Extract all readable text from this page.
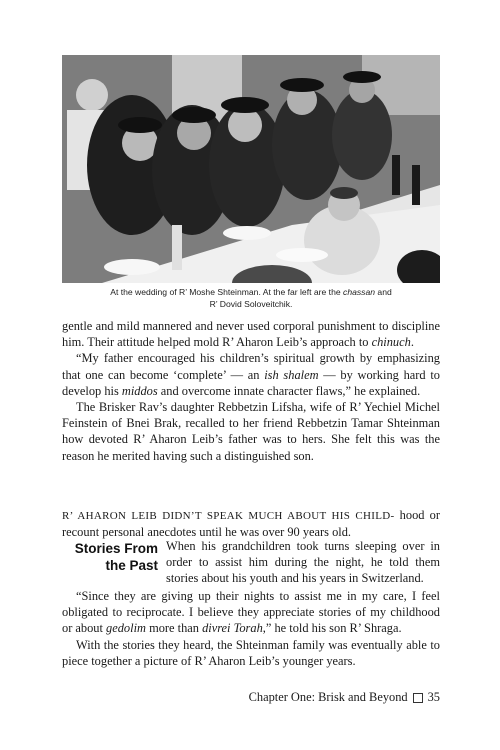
At the wedding of R’ Moshe Shteinman. At the far left are the chassan and
R’ Dovid Soloveitchik.

gentle and mild mannered and never used corporal punishment to discipline him. Their attitude helped mold R’ Aharon Leib’s approach to chinuch.

“My father encouraged his children’s spiritual growth by emphasizing that one can become ‘complete’ — an ish shalem — by working hard to develop his middos and overcome innate character flaws,” he explained.

The Brisker Rav’s daughter Rebbetzin Lifsha, wife of R’ Yechiel Michel Feinstein of Bnei Brak, recalled to her friend Rebbetzin Tamar Shteinman how devoted R’ Aharon Leib’s father was to hers. She felt this was the reason he merited having such a distinguished son.

R’ AHARON LEIB DIDN’T SPEAK MUCH ABOUT HIS CHILD- hood or recount personal anecdotes until he was over 90 years old.

Stories From
the Past
When his grandchildren took turns sleeping over in order to assist him during the night, he told them stories about his youth and his years in Switzerland.

“Since they are giving up their nights to assist me in my care, I feel obligated to reciprocate. I believe they appreciate stories of my childhood or about gedolim more than divrei Torah,” he told his son R’ Shraga.

With the stories they heard, the Shteinman family was eventually able to piece together a picture of R’ Aharon Leib’s younger years.

Chapter One: Brisk and Beyond 35
